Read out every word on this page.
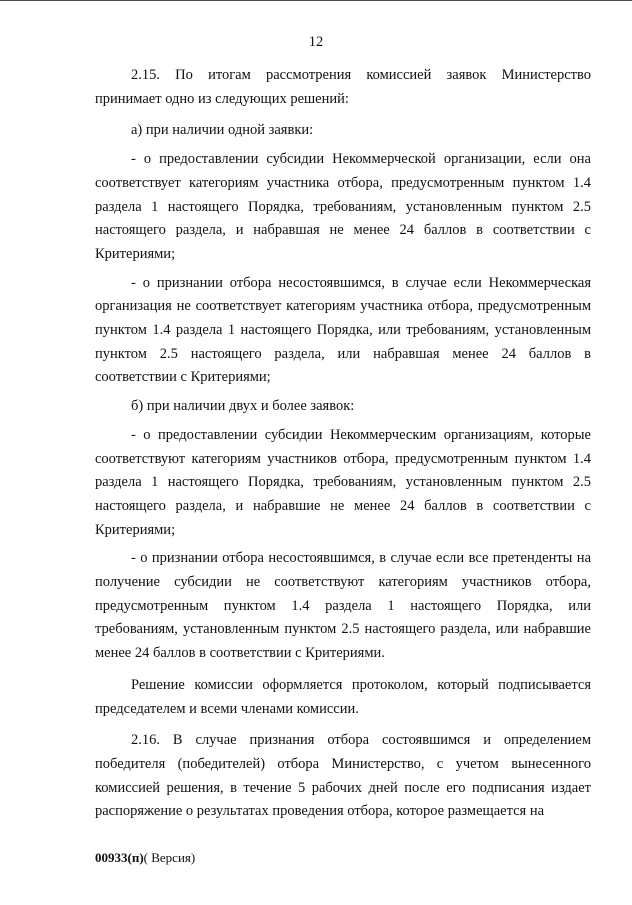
12

2.15. По итогам рассмотрения комиссией заявок Министерство принимает одно из следующих решений:

а) при наличии одной заявки:

- о предоставлении субсидии Некоммерческой организации, если она соответствует категориям участника отбора, предусмотренным пунктом 1.4 раздела 1 настоящего Порядка, требованиям, установленным пунктом 2.5 настоящего раздела, и набравшая не менее 24 баллов в соответствии с Критериями;

- о признании отбора несостоявшимся, в случае если Некоммерческая организация не соответствует категориям участника отбора, предусмотренным пунктом 1.4 раздела 1 настоящего Порядка, или требованиям, установленным пунктом 2.5 настоящего раздела, или набравшая менее 24 баллов в соответствии с Критериями;

б) при наличии двух и более заявок:

- о предоставлении субсидии Некоммерческим организациям, которые соответствуют категориям участников отбора, предусмотренным пунктом 1.4 раздела 1 настоящего Порядка, требованиям, установленным пунктом 2.5 настоящего раздела, и набравшие не менее 24 баллов в соответствии с Критериями;

- о признании отбора несостоявшимся, в случае если все претенденты на получение субсидии не соответствуют категориям участников отбора, предусмотренным пунктом 1.4 раздела 1 настоящего Порядка, или требованиям, установленным пунктом 2.5 настоящего раздела, или набравшие менее 24 баллов в соответствии с Критериями.

Решение комиссии оформляется протоколом, который подписывается председателем и всеми членами комиссии.

2.16. В случае признания отбора состоявшимся и определением победителя (победителей) отбора Министерство, с учетом вынесенного комиссией решения, в течение 5 рабочих дней после его подписания издает распоряжение о результатах проведения отбора, которое размещается на

00933(п)( Версия)
